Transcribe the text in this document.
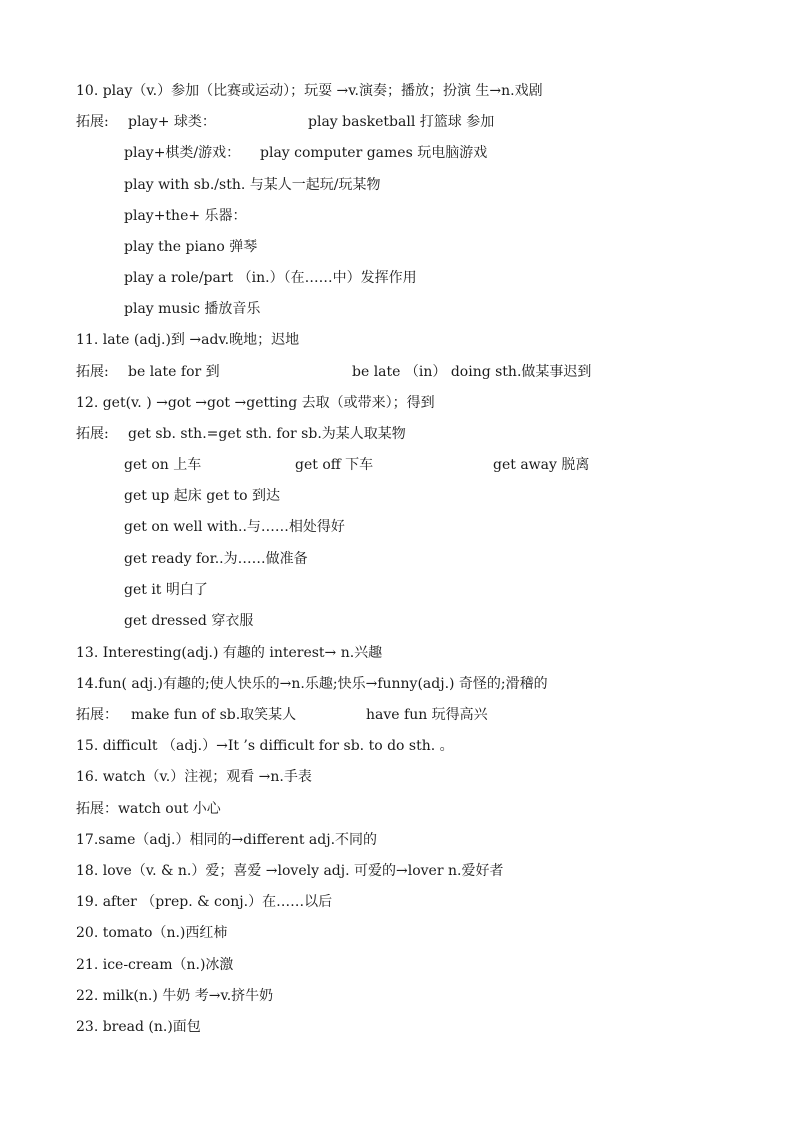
10. play（v.）参加（比赛或运动）；玩耍 →v.演奏；播放；扮演 生→n.戏剧
拓展: play+ 球类：	play basketball 打篮球 参加
play+棋类/游戏： play computer games 玩电脑游戏
play with sb./sth. 与某人一起玩/玩某物
play+the+ 乐器：
play the piano 弹琴
play a role/part （in.）（在……中）发挥作用
play music 播放音乐
11. late (adj.)到 →adv.晚地；迟地
拓展: be late for 到	be late （in） doing sth.做某事迟到
12. get(v. ) →got →got →getting 去取（或带来）；得到
拓展: get sb. sth.=get sth. for sb.为某人取某物
get on 上车	get off 下车	get away 脱离
get up 起床 get to 到达
get on well with..与……相处得好
get ready for..为……做准备
get it 明白了
get dressed 穿衣服
13. Interesting(adj.) 有趣的 interest→ n.兴趣
14.fun( adj.)有趣的;使人快乐的→n.乐趣;快乐→funny(adj.) 奇怪的;滑稽的
拓展： make fun of sb.取笑某人	have fun 玩得高兴
15. difficult （adj.）→It ’s difficult for sb. to do sth. 。
16. watch（v.）注视；观看 →n.手表
拓展：watch out 小心
17.same（adj.）相同的→different adj.不同的
18. love（v. & n.）爱；喜爱 →lovely adj. 可爱的→lover n.爱好者
19. after （prep. & conj.）在……以后
20. tomato（n.)西红柿
21. ice-cream（n.)冰激
22. milk(n.) 牛奶 考→v.挤牛奶
23. bread (n.)面包
